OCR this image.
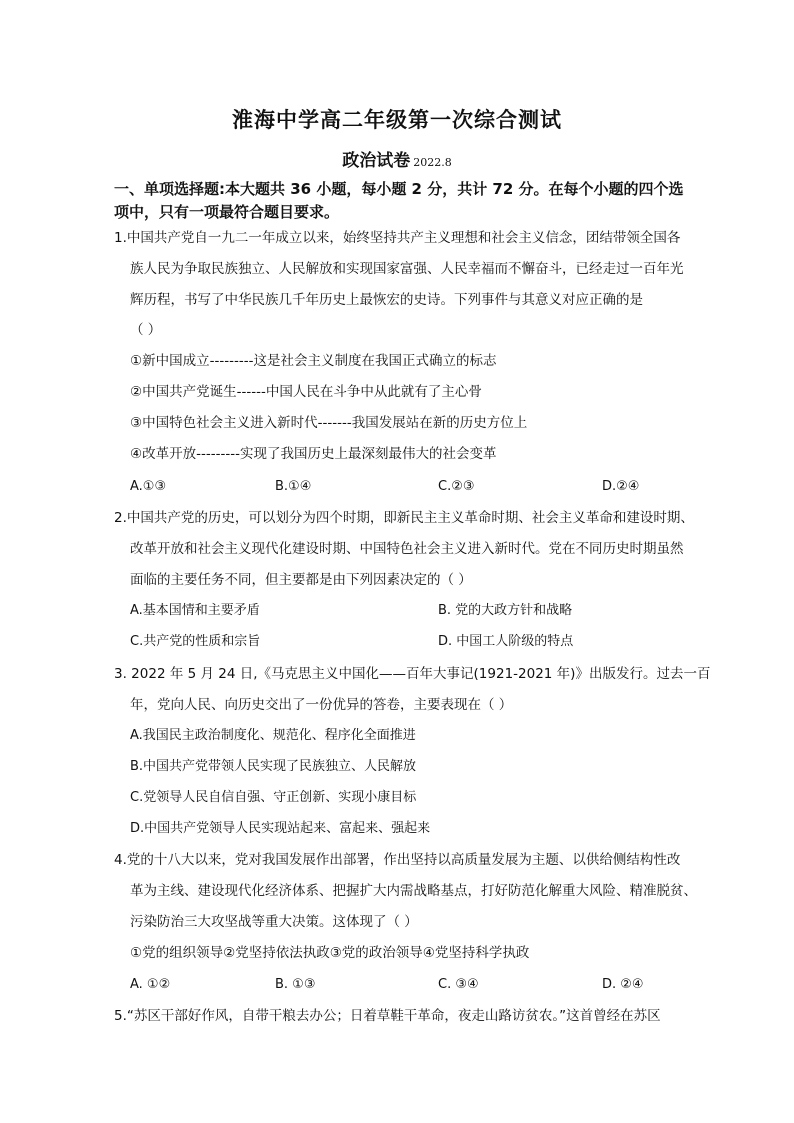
淮海中学高二年级第一次综合测试
政治试卷 2022.8
一、单项选择题:本大题共 36 小题，每小题 2 分，共计 72 分。在每个小题的四个选
项中，只有一项最符合题目要求。
1.中国共产党自一九二一年成立以来，始终坚持共产主义理想和社会主义信念，团结带领全国各
族人民为争取民族独立、人民解放和实现国家富强、人民幸福而不懈奋斗，已经走过一百年光
辉历程，书写了中华民族几千年历史上最恢宏的史诗。下列事件与其意义对应正确的是
（ ）
①新中国成立---------这是社会主义制度在我国正式确立的标志
②中国共产党诞生------中国人民在斗争中从此就有了主心骨
③中国特色社会主义进入新时代-------我国发展站在新的历史方位上
④改革开放---------实现了我国历史上最深刻最伟大的社会变革
A.①③	B.①④	C.②③	D.②④
2.中国共产党的历史，可以划分为四个时期，即新民主主义革命时期、社会主义革命和建设时期、
改革开放和社会主义现代化建设时期、中国特色社会主义进入新时代。党在不同历史时期虽然
面临的主要任务不同，但主要都是由下列因素决定的（ ）
A.基本国情和主要矛盾	B. 党的大政方针和战略
C.共产党的性质和宗旨	D. 中国工人阶级的特点
3. 2022 年 5 月 24 日,《马克思主义中国化——百年大事记(1921-2021 年)》出版发行。过去一百
年，党向人民、向历史交出了一份优异的答卷，主要表现在（ ）
A.我国民主政治制度化、规范化、程序化全面推进
B.中国共产党带领人民实现了民族独立、人民解放
C.党领导人民自信自强、守正创新、实现小康目标
D.中国共产党领导人民实现站起来、富起来、强起来
4.党的十八大以来，党对我国发展作出部署，作出坚持以高质量发展为主题、以供给侧结构性改
革为主线、建设现代化经济体系、把握扩大内需战略基点，打好防范化解重大风险、精准脱贫、
污染防治三大攻坚战等重大决策。这体现了（ ）
①党的组织领导②党坚持依法执政③党的政治领导④党坚持科学执政
A. ①②	B. ①③	C. ③④	D. ②④
5.“苏区干部好作风，自带干粮去办公；日着草鞋干革命，夜走山路访贫农。”这首曾经在苏区
